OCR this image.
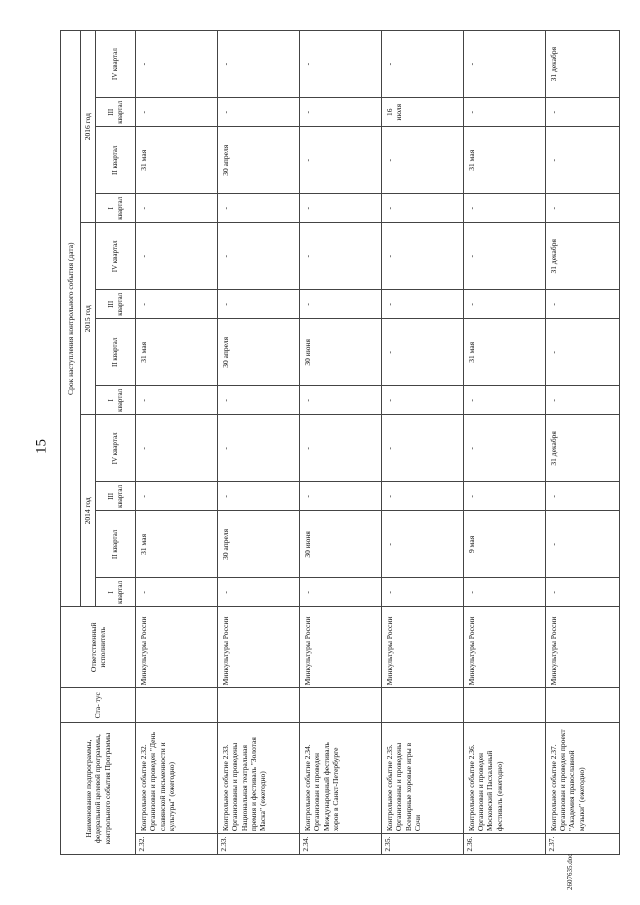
15
Наименование подпрограммы, федеральной целевой программы, контрольного события Программы		Ста- тус	Ответственный исполнитель	Срок наступления контрольного события (дата)											
				2014 год				2015 год				2016 год			
				I квартал	II квартал	III квартал	IV квартал	I квартал	II квартал	III квартал	IV квартал	I квартал	II квартал	III квартал	IV квартал
2.32.	Контрольное событие 2.32. Организован и проведен "День славянской письменности и культуры" (ежегодно)		Минкультуры России	-	31 мая	-	-	-	31 мая	-	-	-	31 мая	-	-
2.33.	Контрольное событие 2.33. Организованы и проведены Национальная театральная премия и фестиваль "Золотая Маска" (ежегодно)		Минкультуры России	-	30 апреля	-	-	-	30 апреля	-	-	-	30 апреля	-	-
2.34.	Контрольное событие 2.34. Организован и проведен Международный фестиваль хоров в Санкт-Петербурге		Минкультуры России	-	30 июня	-	-	-	30 июня	-	-	-	-	-	-
2.35.	Контрольное событие 2.35. Организованы и проведены Всемирные хоровые игры в Сочи		Минкультуры России	-	-	-	-	-	-	-	-	-	-	16 июля	-
2.36.	Контрольное событие 2.36. Организован и проведен Московский Пасхальный фестиваль (ежегодно)		Минкультуры России	-	9 мая	-	-	-	31 мая	-	-	-	31 мая	-	-
2.37.	Контрольное событие 2.37. Организован и проведен проект "Академия православной музыки" (ежегодно)		Минкультуры России	-	-	-	31 декабря	-	-	-	31 декабря	-	-	-	31 декабря
2607635.doc
